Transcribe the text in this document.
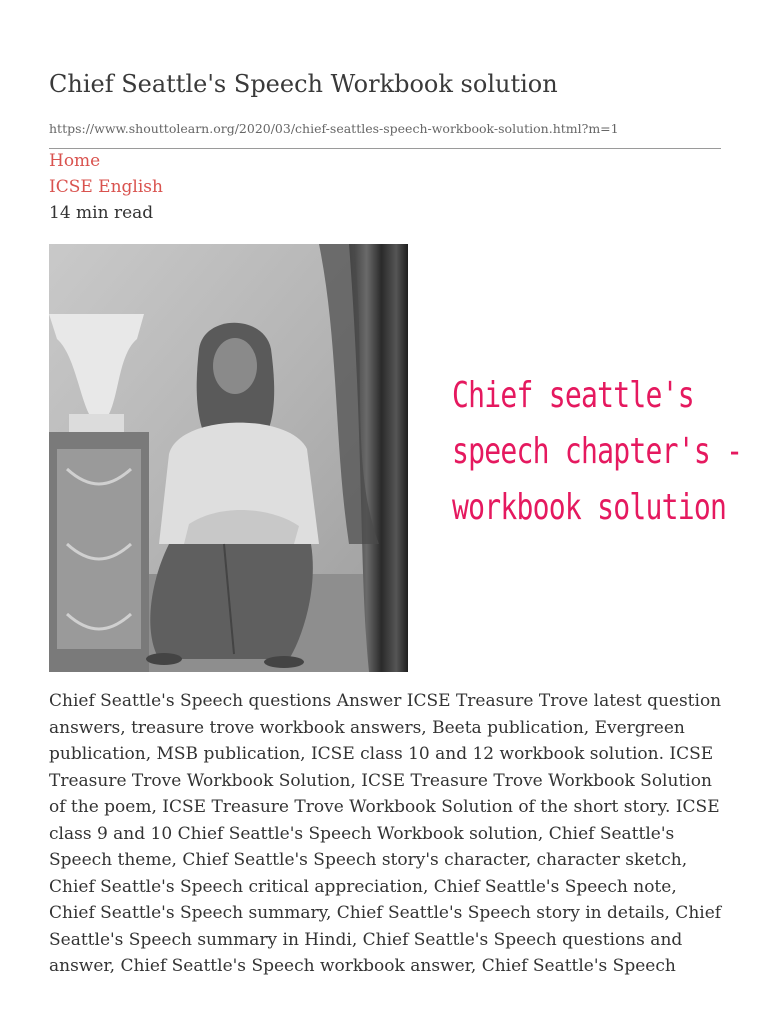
Chief Seattle's Speech Workbook solution
https://www.shouttolearn.org/2020/03/chief-seattles-speech-workbook-solution.html?m=1
Home
ICSE English
14 min read
Chief seattle's
speech chapter's -
workbook solution

Chief Seattle's Speech questions Answer ICSE Treasure Trove latest question answers, treasure trove workbook answers, Beeta publication, Evergreen publication, MSB publication, ICSE class 10 and 12 workbook solution. ICSE Treasure Trove Workbook Solution, ICSE Treasure Trove Workbook Solution of the poem, ICSE Treasure Trove Workbook Solution of the short story. ICSE class 9 and 10 Chief Seattle's Speech Workbook solution, Chief Seattle's Speech theme, Chief Seattle's Speech story's character, character sketch, Chief Seattle's Speech critical appreciation, Chief Seattle's Speech note, Chief Seattle's Speech summary, Chief Seattle's Speech story in details, Chief Seattle's Speech summary in Hindi, Chief Seattle's Speech questions and answer, Chief Seattle's Speech workbook answer, Chief Seattle's Speech
